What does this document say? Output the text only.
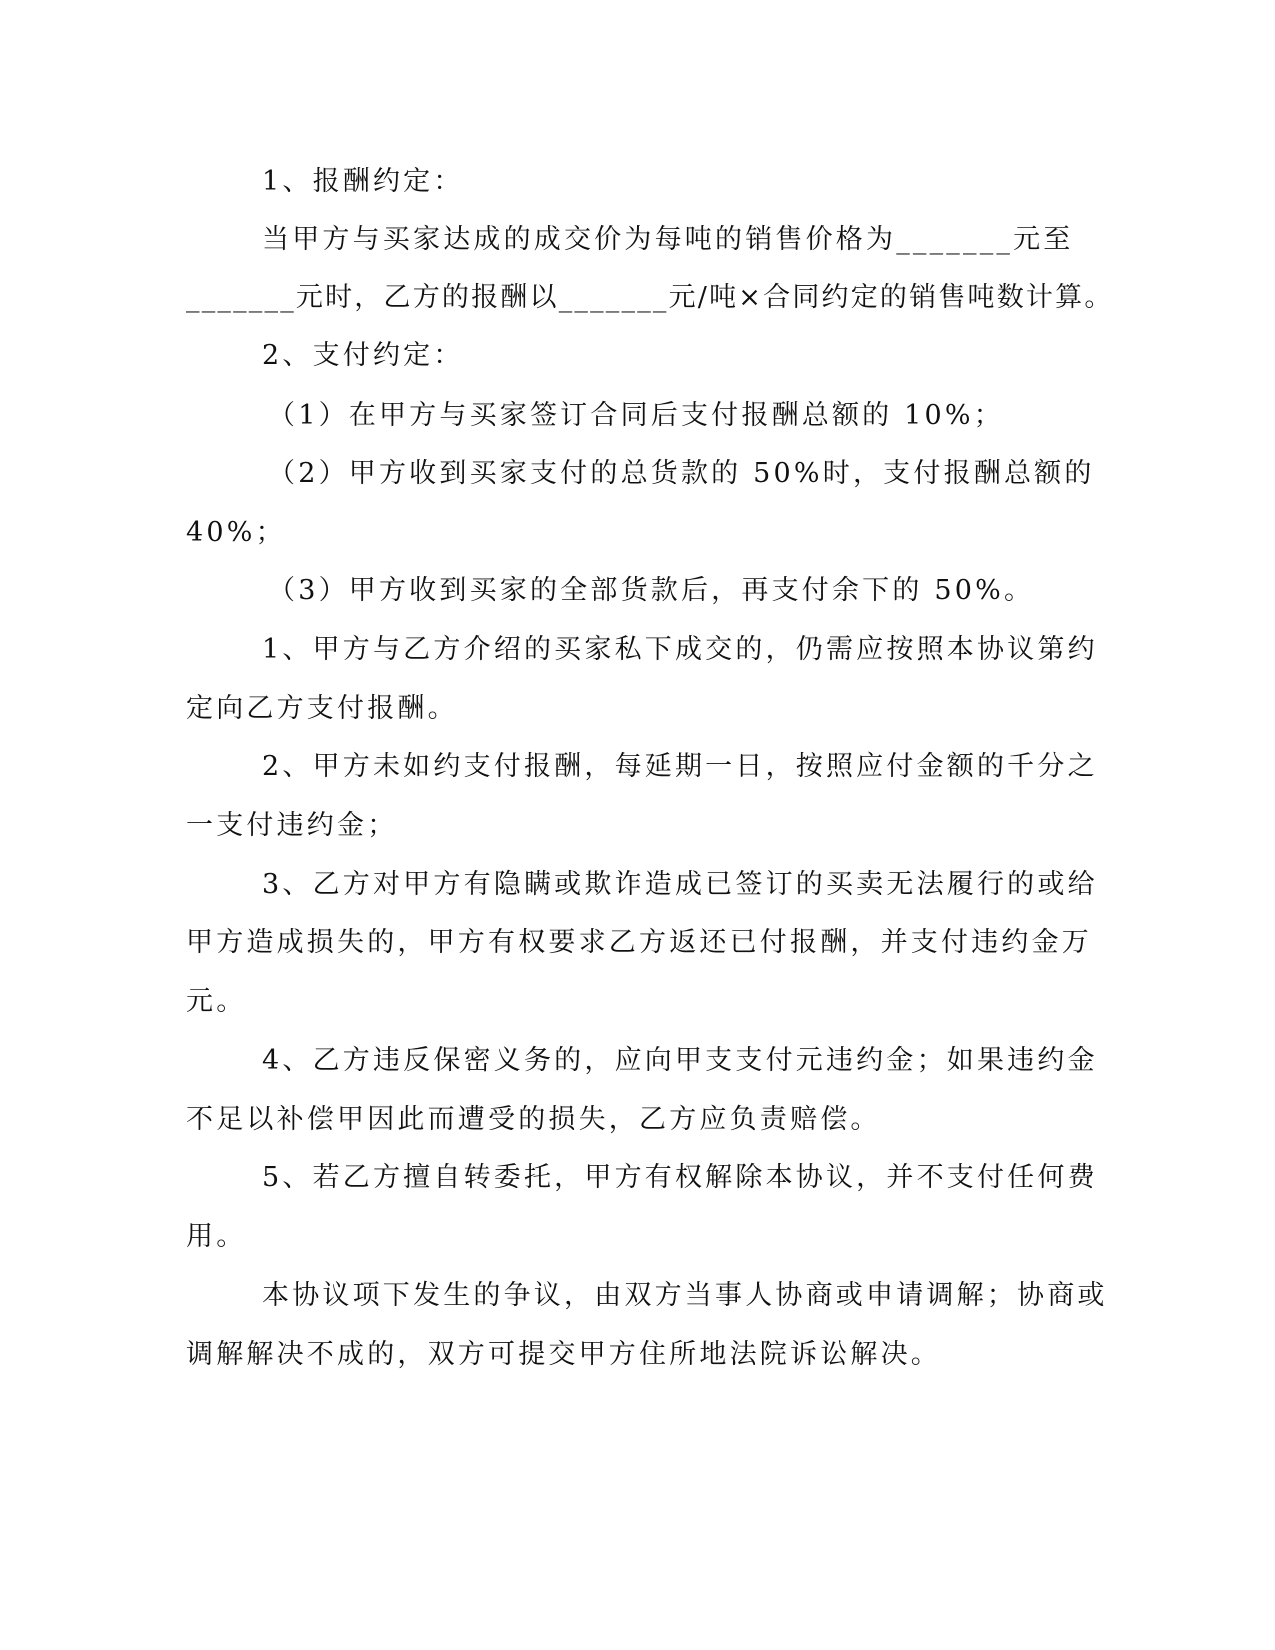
1、报酬约定：
当甲方与买家达成的成交价为每吨的销售价格为_______元至
_______元时，乙方的报酬以_______元/吨×合同约定的销售吨数计算。
2、支付约定：
（1）在甲方与买家签订合同后支付报酬总额的 10%；
（2）甲方收到买家支付的总货款的 50%时，支付报酬总额的
40%；
（3）甲方收到买家的全部货款后，再支付余下的 50%。
1、甲方与乙方介绍的买家私下成交的，仍需应按照本协议第约
定向乙方支付报酬。
2、甲方未如约支付报酬，每延期一日，按照应付金额的千分之
一支付违约金；
3、乙方对甲方有隐瞒或欺诈造成已签订的买卖无法履行的或给
甲方造成损失的，甲方有权要求乙方返还已付报酬，并支付违约金万
元。
4、乙方违反保密义务的，应向甲支支付元违约金；如果违约金
不足以补偿甲因此而遭受的损失，乙方应负责赔偿。
5、若乙方擅自转委托，甲方有权解除本协议，并不支付任何费
用。
本协议项下发生的争议，由双方当事人协商或申请调解；协商或
调解解决不成的，双方可提交甲方住所地法院诉讼解决。
